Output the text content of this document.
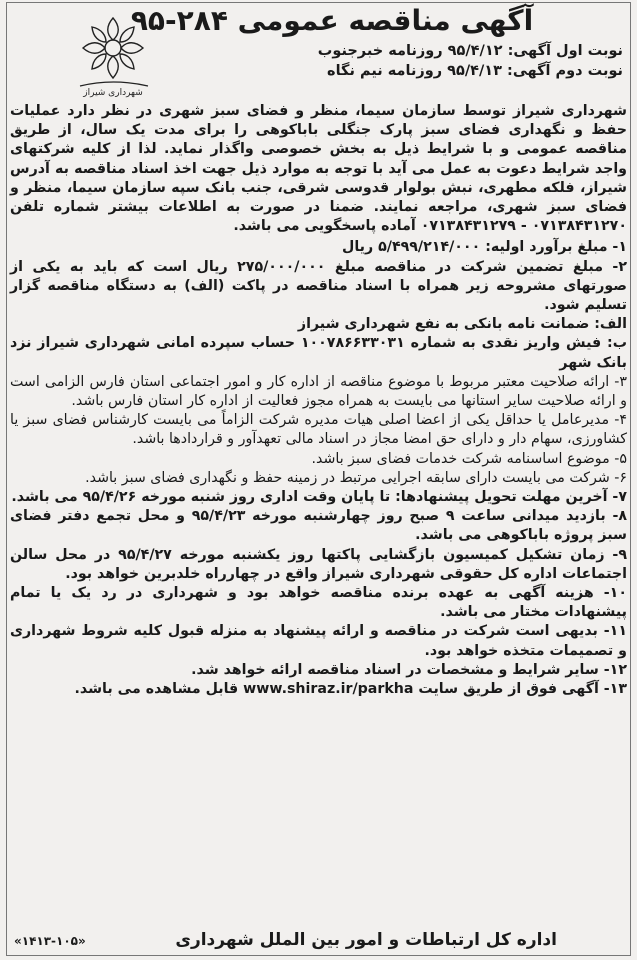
آگهی مناقصه عمومی ۲۸۴-۹۵
شهرداری شیراز
نوبت اول آگهی: ۹۵/۴/۱۲ روزنامه خبرجنوب
نوبت دوم آگهی: ۹۵/۴/۱۳ روزنامه نیم نگاه

شهرداری شیراز توسط سازمان سیما، منظر و فضای سبز شهری در نظر دارد عملیات حفظ و نگهداری فضای سبز پارک جنگلی باباکوهی را برای مدت یک سال، از طریق مناقصه عمومی و با شرایط ذیل به بخش خصوصی واگذار نماید. لذا از کلیه شرکتهای واجد شرایط دعوت به عمل می آید با توجه به موارد ذیل جهت اخذ اسناد مناقصه به آدرس شیراز، فلکه مطهری، نبش بولوار قدوسی شرقی، جنب بانک سپه سازمان سیما، منظر و فضای سبز شهری، مراجعه نمایند. ضمنا در صورت به اطلاعات بیشتر شماره تلفن ۰۷۱۳۸۴۳۱۲۷۰ - ۰۷۱۳۸۴۳۱۲۷۹ آماده پاسخگویی می باشد.

۱- مبلغ برآورد اولیه: ۵/۴۹۹/۲۱۴/۰۰۰ ریال

۲- مبلغ تضمین شرکت در مناقصه مبلغ ۲۷۵/۰۰۰/۰۰۰ ریال است که باید به یکی از صورتهای مشروحه زیر همراه با اسناد مناقصه در پاکت (الف) به دستگاه مناقصه گزار تسلیم شود.

الف: ضمانت نامه بانکی به نفع شهرداری شیراز

ب: فیش واریز نقدی به شماره ۱۰۰۷۸۶۶۳۳۰۳۱ حساب سپرده امانی شهرداری شیراز نزد بانک شهر

۳- ارائه صلاحیت معتبر مربوط با موضوع مناقصه از اداره کار و امور اجتماعی استان فارس الزامی است و ارائه صلاحیت سایر استانها می بایست به همراه مجوز فعالیت از اداره کار استان فارس باشد.

۴- مدیرعامل یا حداقل یکی از اعضا اصلی هیات مدیره شرکت الزاماً می بایست کارشناس فضای سبز یا کشاورزی، سهام دار و دارای حق امضا مجاز در اسناد مالی تعهدآور و قراردادها باشد.

۵- موضوع اساسنامه شرکت خدمات فضای سبز باشد.

۶- شرکت می بایست دارای سابقه اجرایی مرتبط در زمینه حفظ و نگهداری فضای سبز باشد.

۷- آخرین مهلت تحویل پیشنهادها: تا پایان وقت اداری روز شنبه مورخه ۹۵/۴/۲۶ می باشد.

۸- بازدید میدانی ساعت ۹ صبح روز چهارشنبه مورخه ۹۵/۴/۲۳ و محل تجمع دفتر فضای سبز پروژه باباکوهی می باشد.

۹- زمان تشکیل کمیسیون بازگشایی پاکتها روز یکشنبه مورخه ۹۵/۴/۲۷ در محل سالن اجتماعات اداره کل حقوقی شهرداری شیراز واقع در چهارراه خلدبرین خواهد بود.

۱۰- هزینه آگهی به عهده برنده مناقصه خواهد بود و شهرداری در رد یک یا تمام پیشنهادات مختار می باشد.

۱۱- بدیهی است شرکت در مناقصه و ارائه پیشنهاد به منزله قبول کلیه شروط شهرداری و تصمیمات متخذه خواهد بود.

۱۲- سایر شرایط و مشخصات در اسناد مناقصه ارائه خواهد شد.

۱۳- آگهی فوق از طریق سایت www.shiraz.ir/parkha قابل مشاهده می باشد.

اداره کل ارتباطات و امور بین الملل شهرداری
«۱۴۱۳-۱۰۵»
